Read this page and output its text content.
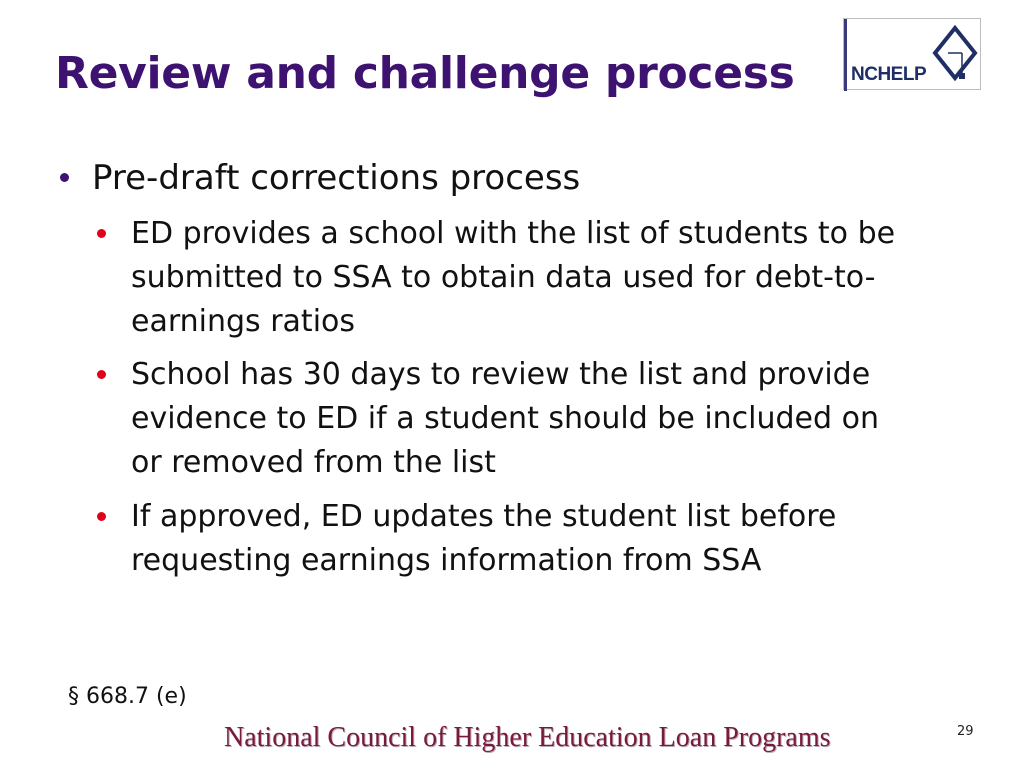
Review and challenge process	NCHELP
Pre-draft corrections process
ED provides a school with the list of students to be submitted to SSA to obtain data used for debt-to-earnings ratios
School has 30 days to review the list and provide evidence to ED if a student should be included on or removed from the list
If approved, ED updates the student list before requesting earnings information from SSA
§ 668.7 (e)
National Council of Higher Education Loan Programs	29
